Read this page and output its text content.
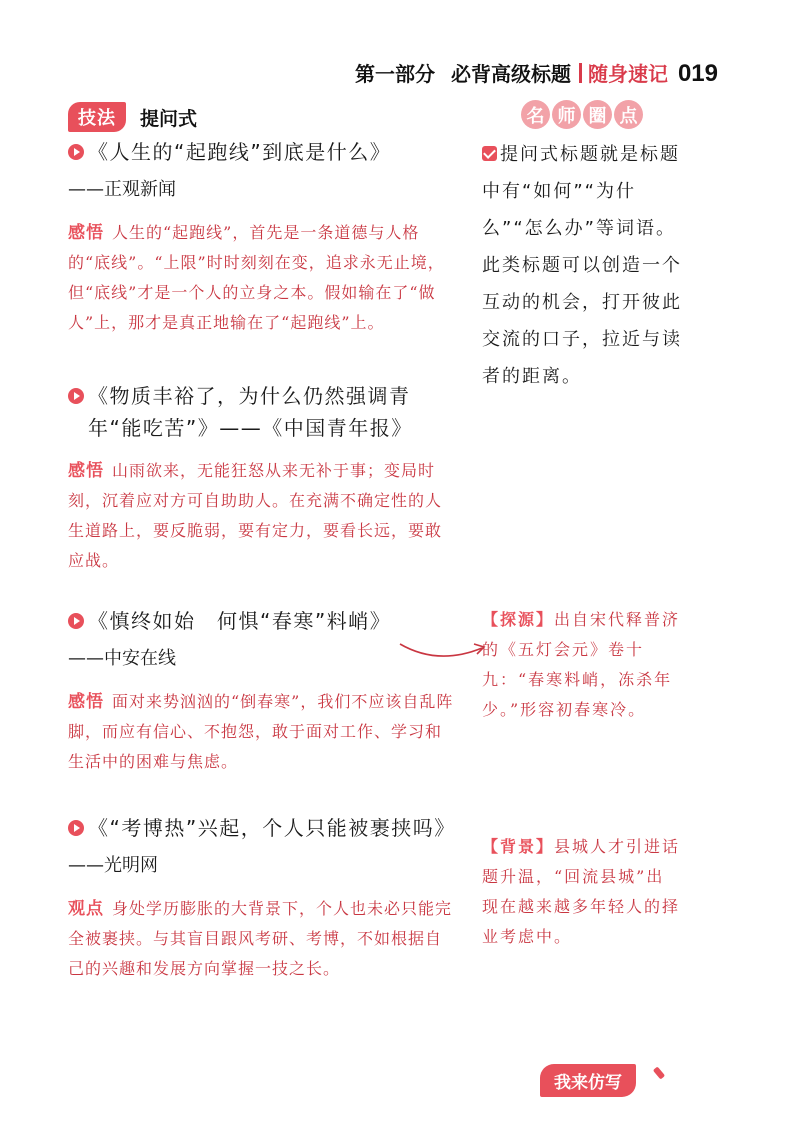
第一部分 必背高级标题 随身速记 019
技法	提问式	名 师 圈 点
《人生的“起跑线”到底是什么》
——正观新闻
感悟 人生的“起跑线”，首先是一条道德与人格的“底线”。“上限”时时刻刻在变，追求永无止境，但“底线”才是一个人的立身之本。假如输在了“做人”上，那才是真正地输在了“起跑线”上。
《物质丰裕了，为什么仍然强调青年“能吃苦”》——《中国青年报》
感悟 山雨欲来，无能狂怒从来无补于事；变局时刻，沉着应对方可自助助人。在充满不确定性的人生道路上，要反脆弱，要有定力，要看长远，要敢应战。
《慎终如始　何惧“春寒”料峭》
——中安在线
感悟 面对来势汹汹的“倒春寒”，我们不应该自乱阵脚，而应有信心、不抱怨，敢于面对工作、学习和生活中的困难与焦虑。
《“考博热”兴起，个人只能被裹挟吗》
——光明网
观点 身处学历膨胀的大背景下，个人也未必只能完全被裹挟。与其盲目跟风考研、考博，不如根据自己的兴趣和发展方向掌握一技之长。
提问式标题就是标题中有“如何”“为什么”“怎么办”等词语。此类标题可以创造一个互动的机会，打开彼此交流的口子，拉近与读者的距离。
【探源】出自宋代释普济的《五灯会元》卷十九：“春寒料峭，冻杀年少。”形容初春寒冷。
【背景】县城人才引进话题升温，“回流县城”出现在越来越多年轻人的择业考虑中。
我来仿写
